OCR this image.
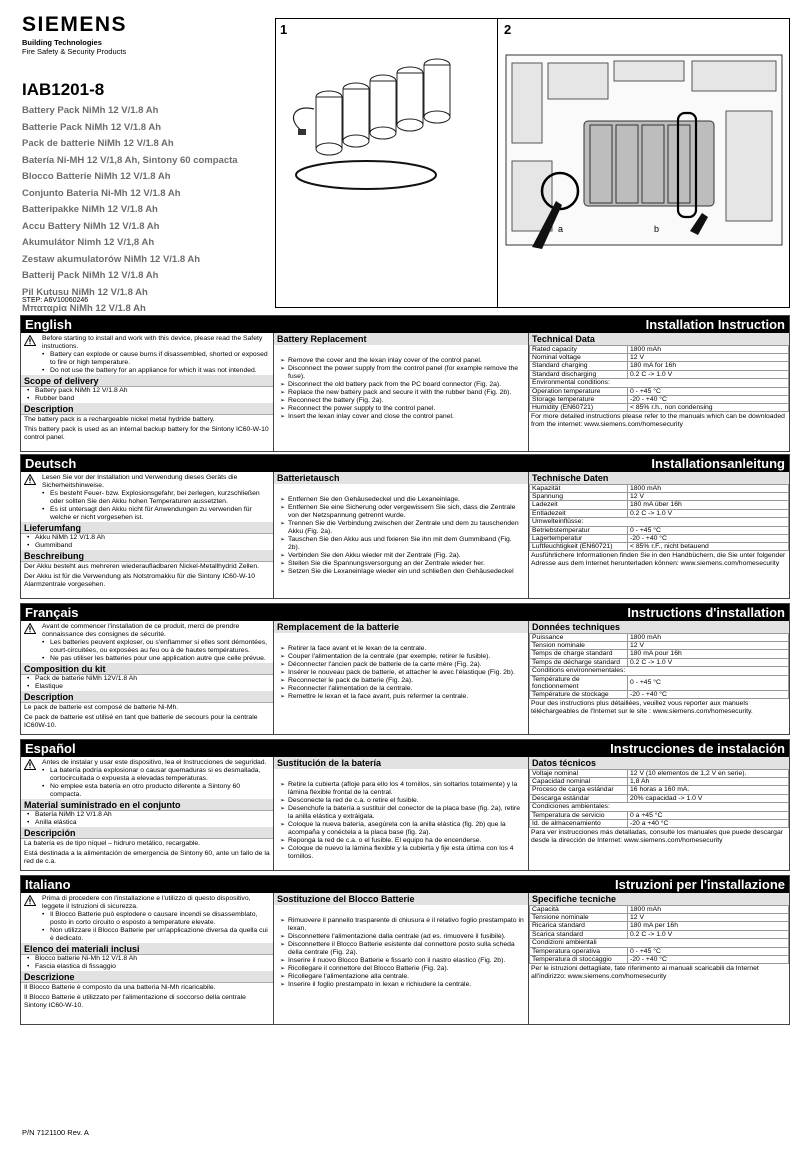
SIEMENS
Building Technologies
Fire Safety & Security Products
IAB1201-8
Battery Pack NiMh 12 V/1.8 Ah
Batterie Pack NiMh 12 V/1.8 Ah
Pack de batterie NiMh 12 V/1.8 Ah
Batería Ni-MH 12 V/1,8 Ah, Sintony 60 compacta
Blocco Batterie NiMh 12 V/1.8 Ah
Conjunto Bateria Ni-Mh 12 V/1.8 Ah
Batteripakke NiMh 12 V/1.8 Ah
Accu Battery NiMh 12 V/1.8 Ah
Akumulátor Nimh 12 V/1,8 Ah
Zestaw akumulatorów NiMh 12 V/1.8 Ah
Batterij Pack NiMh 12 V/1.8 Ah
Pil Kutusu NiMh 12 V/1.8 Ah
Μπαταρία NiMh 12 V/1.8 Ah
STEP: A6V10060246
1	2
a	b
English	Installation Instruction
Before starting to install and work with this device, please read the Safety instructions.
• Battery can explode or cause burns if disassembled, shorted or exposed to fire or high temperature.
• Do not use the battery for an appliance for which it was not intended.
Scope of delivery
• Battery pack NiMh 12 V/1.8 Ah
• Rubber band
Description
The battery pack is a rechargeable nickel metal hydride battery.
This battery pack is used as an internal backup battery for the Sintony IC60-W-10 control panel.
Battery Replacement
➢ Remove the cover and the lexan inlay cover of the control panel.
➢ Disconnect the power supply from the control panel (for example remove the fuse).
➢ Disconnect the old battery pack from the PC board connector (Fig. 2a).
➢ Replace the new battery pack and secure it with the rubber band (Fig. 2b).
➢ Reconnect the battery (Fig. 2a).
➢ Reconnect the power supply to the control panel.
➢ Insert the lexan inlay cover and close the control panel.
Technical Data
Rated capacity	1800 mAh
Nominal voltage	12 V
Standard charging	180 mA for 16h
Standard discharging	0.2 C -> 1.0 V
Environmental conditions:
Operation temperature	0 - +45 °C
Storage temperature	-20 - +40 °C
Humidity (EN60721)	< 85% r.h., non condensing
For more detailed instructions please refer to the manuals which can be downloaded from the internet: www.siemens.com/homesecurity
Deutsch	Installationsanleitung
Lesen Sie vor der Installation und Verwendung dieses Geräts die Sicherheitshinweise.
• Es besteht Feuer- bzw. Explosionsgefahr, bei zerlegen, kurzschließen oder sollten Sie den Akku hohen Temperaturen aussetzten.
• Es ist untersagt den Akku nicht für Anwendungen zu verwenden für welche er nicht vorgesehen ist.
Lieferumfang
• Akku NiMh 12 V/1.8 Ah
• Gummiband
Beschreibung
Der Akku besteht aus mehreren wiederaufladbaren Nickel-Metallhydrid Zellen.
Der Akku ist für die Verwendung als Notstromakku für die Sintony IC60-W-10 Alarmzentrale vorgesehen.
Batterietausch
➢ Entfernen Sie den Gehäusedeckel und die Lexaneinlage.
➢ Entfernen Sie eine Sicherung oder vergewissern Sie sich, dass die Zentrale von der Netzspannung getrennt wurde.
➢ Trennen Sie die Verbindung zwischen der Zentrale und dem zu tauschenden Akku (Fig. 2a).
➢ Tauschen Sie den Akku aus und fixieren Sie ihn mit dem Gummiband (Fig. 2b).
➢ Verbinden Sie den Akku wieder mit der Zentrale (Fig. 2a).
➢ Stellen Sie die Spannungsversorgung an der Zentrale wieder her.
➢ Setzen Sie die Lexaneinlage wieder ein und schließen den Gehäusedeckel
Technische Daten
Kapazität	1800 mAh
Spannung	12 V
Ladezeit	180 mA über 16h
Entladezeit	0.2 C -> 1.0 V
Umwelteinflüsse:
Betriebstemperatur	0 - +45 °C
Lagertemperatur	-20 - +40 °C
Luftfeuchtigkeit (EN60721)	< 85% r.F., nicht betauend
Ausführlichere Informationen finden Sie in den Handbüchern, die Sie unter folgender Adresse aus dem Internet herunterladen können: www.siemens.com/homesecurity
Français	Instructions d'installation
Avant de commencer l'installation de ce produit, merci de prendre connaissance des consignes de sécurité.
• Les batteries peuvent exploser, ou s'enflammer si elles sont démontées, court-circuitées, ou exposées au feu ou à de hautes températures.
• Ne pas utiliser les batteries pour une application autre que celle prévue.
Composition du kit
• Pack de batterie NiMh 12V/1.8 Ah
• Elastique
Description
Le pack de batterie est composé de batterie Ni-Mh.
Ce pack de batterie est utilisé en tant que batterie de secours pour la centrale IC60W-10.
Remplacement de la batterie
➢ Retirer la face avant et le lexan de la centrale.
➢ Couper l'alimentation de la centrale (par exemple, retirer le fusible).
➢ Déconnecter l'ancien pack de batterie de la carte mère (Fig. 2a).
➢ Insérer le nouveau pack de batterie, et attacher le avec l'élastique (Fig. 2b).
➢ Reconnecter le pack de batterie (Fig. 2a).
➢ Reconnecter l'alimentation de la centrale.
➢ Remettre le lexan et la face avant, puis refermer la centrale.
Données techniques
Puissance	1800 mAh
Tension nominale	12 V
Temps de charge standard	180 mA pour 16h
Temps de décharge standard	0.2 C -> 1.0 V
Conditions environnementales:
Température de fonctionnement	0 - +45 °C
Température de stockage	-20 - +40 °C
Pour des instructions plus détaillées, veuillez vous reporter aux manuels téléchargeables de l'Internet sur le site : www.siemens.com/homesecurity.
Español	Instrucciones de instalación
Antes de instalar y usar este dispositivo, lea el Instrucciones de seguridad.
• La batería podría explosionar o causar quemaduras si es desmallada, cortocircuitada o expuesta a elevadas temperaturas.
• No emplee esta batería en otro producto diferente a Sintony 60 compacta.
Material suministrado en el conjunto
• Batería NiMh 12 V/1.8 Ah
• Anilla elástica
Descripción
La batería es de tipo níquel – hidruro metálico, recargable.
Está destinada a la alimentación de emergencia de Sintony 60, ante un fallo de la red de c.a.
Sustitución de la batería
➢ Retire la cubierta (afloje para ello los 4 tornillos, sin soltarlos totalmente) y la lámina flexible frontal de la central.
➢ Desconecte la red de c.a. o retire el fusible.
➢ Desenchufe la batería a sustituir del conector de la placa base (fig. 2a), retire la anilla elástica y extráigala.
➢ Coloque la nueva batería, asegúrela con la anilla elástica (fig. 2b) que la acompaña y conéctela a la placa base (fig. 2a).
➢ Reponga la red de c.a. o el fusible. El equipo ha de encenderse.
➢ Coloque de nuevo la lámina flexible y la cubierta y fije esta última con los 4 tornillos.
Datos técnicos
Voltaje nominal	12 V (10 elementos de 1,2 V en serie).
Capacidad nominal	1,8 Ah
Proceso de carga estándar	16 horas a 160 mA.
Descarga estándar	20% capacidad -> 1.0 V
Condiciones ambientales:
Temperatura de servicio	0 a +45 °C
Id. de almacenamiento	-20 a +40 °C
Para ver instrucciones más detalladas, consulte los manuales que puede descargar desde la dirección de Internet: www.siemens.com/homesecurity
Italiano	Istruzioni per l'installazione
Prima di procedere con l'installazione e l'utilizzo di questo dispositivo, leggete il Istruzioni di sicurezza.
• Il Blocco Batterie può esplodere o causare incendi se disassemblato, posto in corto circuito o esposto a temperature elevate.
• Non utilizzare il Blocco Batterie per un'applicazione diversa da quella cui è dedicato.
Elenco dei materiali inclusi
• Blocco batterie Ni-Mh 12 V/1.8 Ah
• Fascia elastica di fissaggio
Descrizione
Il Blocco Batterie è composto da una batteria Ni-Mh ricaricabile.
Il Blocco Batterie è utilizzato per l'alimentazione di soccorso della centrale Sintony IC60-W-10.
Sostituzione del Blocco Batterie
➢ Rimuovere il pannello trasparente di chiusura e il relativo foglio prestampato in lexan.
➢ Disconnettere l'alimentazione dalla centrale (ad es. rimuovere il fusibile).
➢ Disconnettere il Blocco Batterie esistente dal connettore posto sulla scheda della centrale (Fig. 2a).
➢ Inserire il nuovo Blocco Batterie e fissarlo con il nastro elastico (Fig. 2b).
➢ Ricollegare il connettore del Blocco Batterie (Fig. 2a).
➢ Ricollegare l'alimentazione alla centrale.
➢ Inserire il foglio prestampato in lexan e richiudere la centrale.
Specifiche tecniche
Capacità	1800 mAh
Tensione nominale	12 V
Ricarica standard	180 mA per 16h
Scarica standard	0.2 C -> 1.0 V
Condizioni ambientali
Temperatura operativa	0 - +45 °C
Temperatura di stoccaggio	-20 - +40 °C
Per le istruzioni dettagliate, fate riferimento ai manuali scaricabili da Internet all'indirizzo: www.siemens.com/homesecurity
P/N 7121100 Rev. A
